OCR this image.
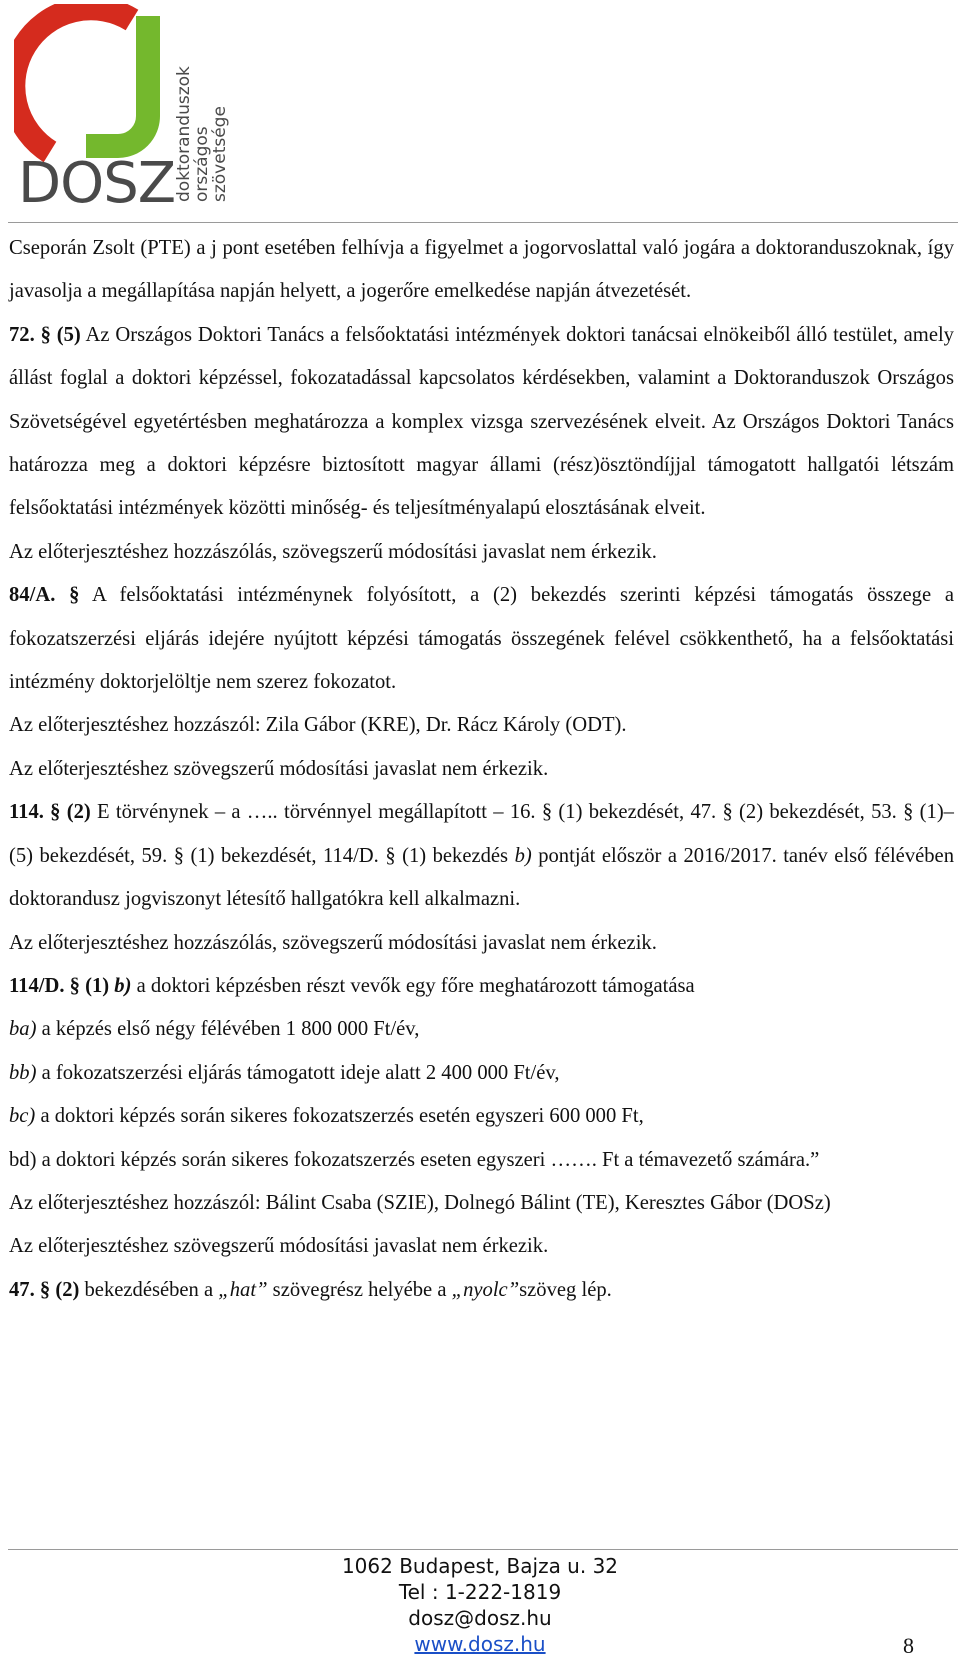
DOSZ
doktoranduszok
országos
szövetsége

Cseporán Zsolt (PTE) a j pont esetében felhívja a figyelmet a jogorvoslattal való jogára a doktoranduszoknak, így javasolja a megállapítása napján helyett, a jogerőre emelkedése napján átvezetését.

72. § (5) Az Országos Doktori Tanács a felsőoktatási intézmények doktori tanácsai elnökeiből álló testület, amely állást foglal a doktori képzéssel, fokozatadással kapcsolatos kérdésekben, valamint a Doktoranduszok Országos Szövetségével egyetértésben meghatározza a komplex vizsga szervezésének elveit. Az Országos Doktori Tanács határozza meg a doktori képzésre biztosított magyar állami (rész)ösztöndíjjal támogatott hallgatói létszám felsőoktatási intézmények közötti minőség- és teljesítményalapú elosztásának elveit.

Az előterjesztéshez hozzászólás, szövegszerű módosítási javaslat nem érkezik.

84/A. § A felsőoktatási intézménynek folyósított, a (2) bekezdés szerinti képzési támogatás összege a fokozatszerzési eljárás idejére nyújtott képzési támogatás összegének felével csökkenthető, ha a felsőoktatási intézmény doktorjelöltje nem szerez fokozatot.

Az előterjesztéshez hozzászól: Zila Gábor (KRE), Dr. Rácz Károly (ODT).

Az előterjesztéshez szövegszerű módosítási javaslat nem érkezik.

114. § (2) E törvénynek – a ….. törvénnyel megállapított – 16. § (1) bekezdését, 47. § (2) bekezdését, 53. § (1)–(5) bekezdését, 59. § (1) bekezdését, 114/D. § (1) bekezdés b) pontját először a 2016/2017. tanév első félévében doktorandusz jogviszonyt létesítő hallgatókra kell alkalmazni.

Az előterjesztéshez hozzászólás, szövegszerű módosítási javaslat nem érkezik.

114/D. § (1) b) a doktori képzésben részt vevők egy főre meghatározott támogatása

ba) a képzés első négy félévében 1 800 000 Ft/év,

bb) a fokozatszerzési eljárás támogatott ideje alatt 2 400 000 Ft/év,

bc) a doktori képzés során sikeres fokozatszerzés esetén egyszeri 600 000 Ft,

bd) a doktori képzés során sikeres fokozatszerzés eseten egyszeri ……. Ft a témavezető számára.”

Az előterjesztéshez hozzászól: Bálint Csaba (SZIE), Dolnegó Bálint (TE), Keresztes Gábor (DOSz)

Az előterjesztéshez szövegszerű módosítási javaslat nem érkezik.

47. § (2) bekezdésében a „hat” szövegrész helyébe a „nyolc”szöveg lép.

1062 Budapest, Bajza u. 32
Tel : 1-222-1819
dosz@dosz.hu
www.dosz.hu	8
